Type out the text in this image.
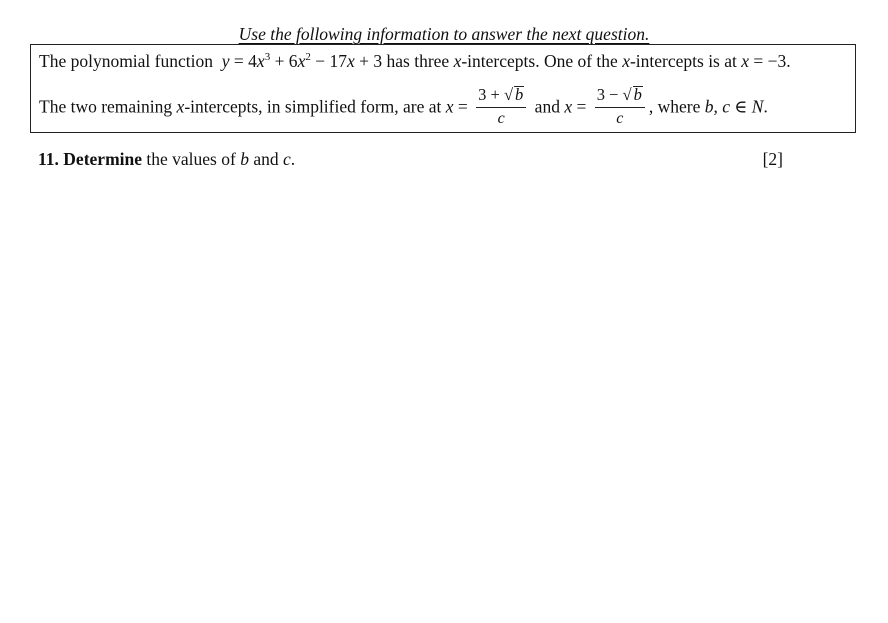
Use the following information to answer the next question.
The polynomial function $y = 4x^3 + 6x^2 - 17x + 3$ has three x-intercepts. One of the x-intercepts is at x = −3.
The two remaining x-intercepts, in simplified form, are at $x = \frac{3 + √ b}{c}$ and $x = \frac{3 - √ b}{c}$ , where b, c ∈ N.
11. Determine the values of b and c.	[2]
